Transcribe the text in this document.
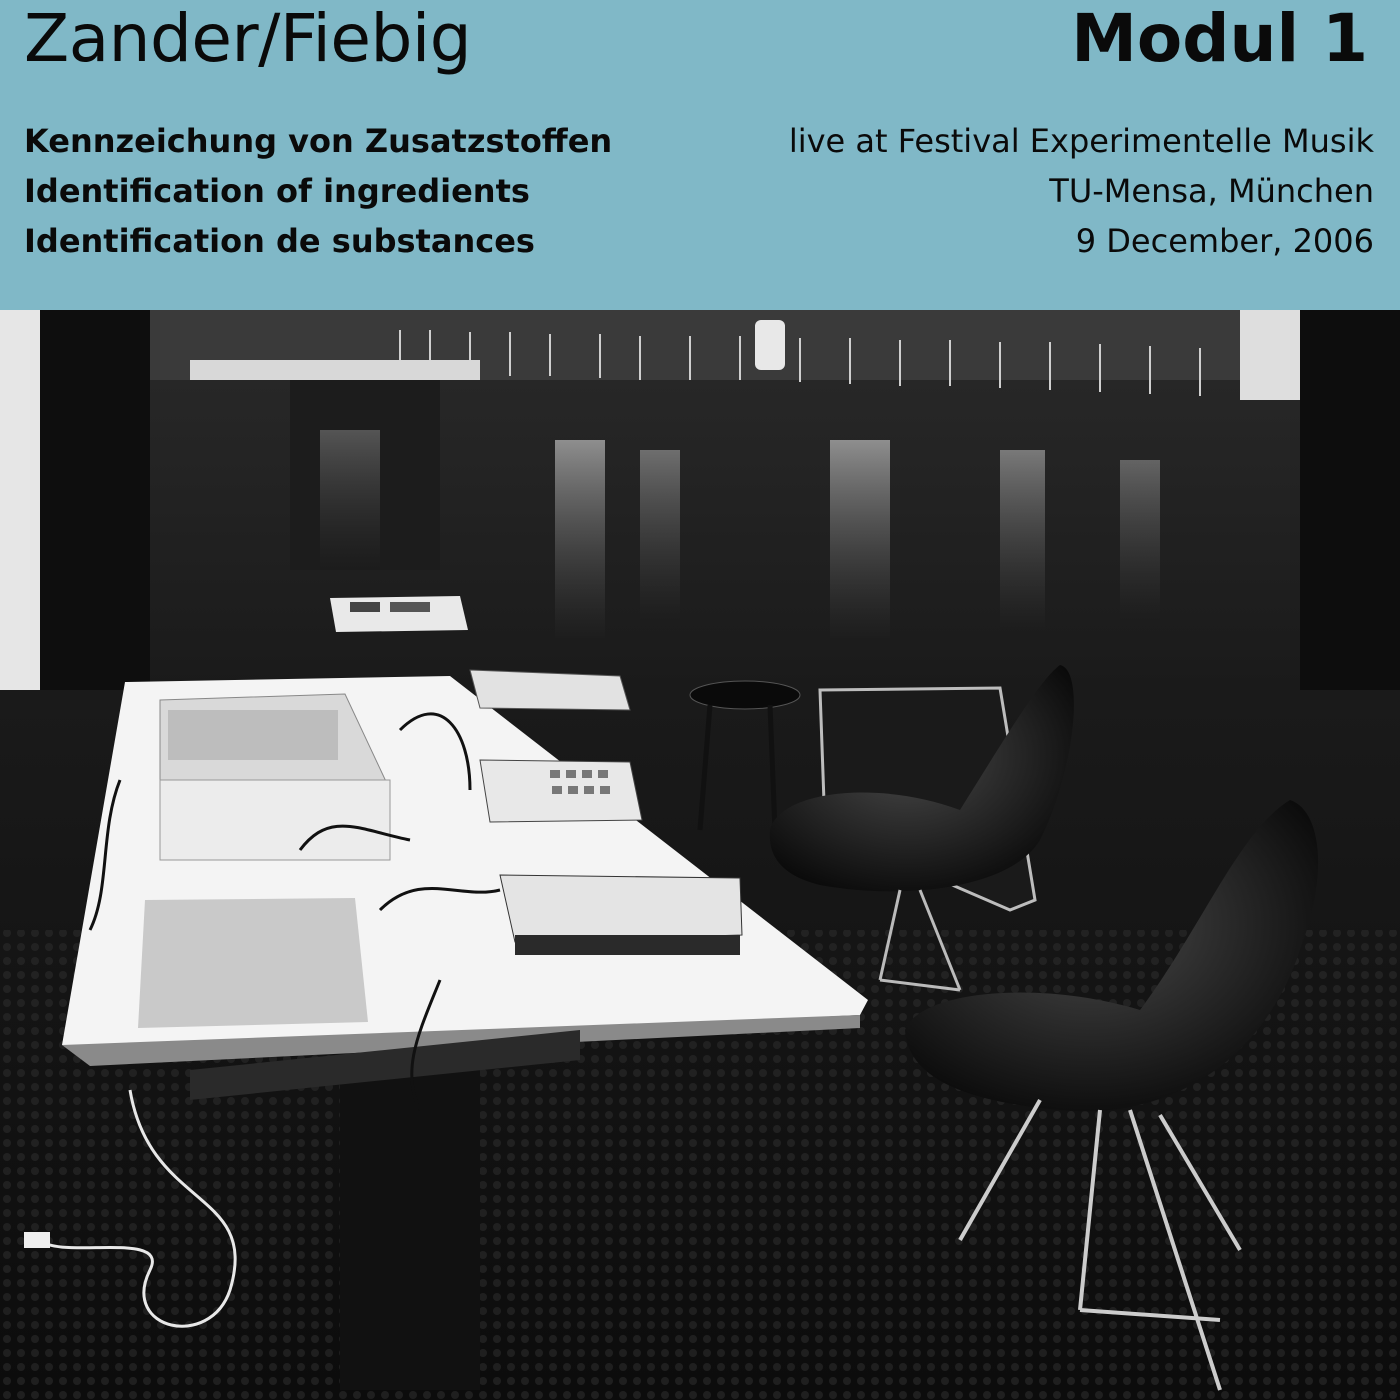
Zander/Fiebig	Modul 1
Kennzeichung von Zusatzstoffen
Identification of ingredients
Identification de substances
live at Festival Experimentelle Musik
TU-Mensa, München
9 December, 2006
